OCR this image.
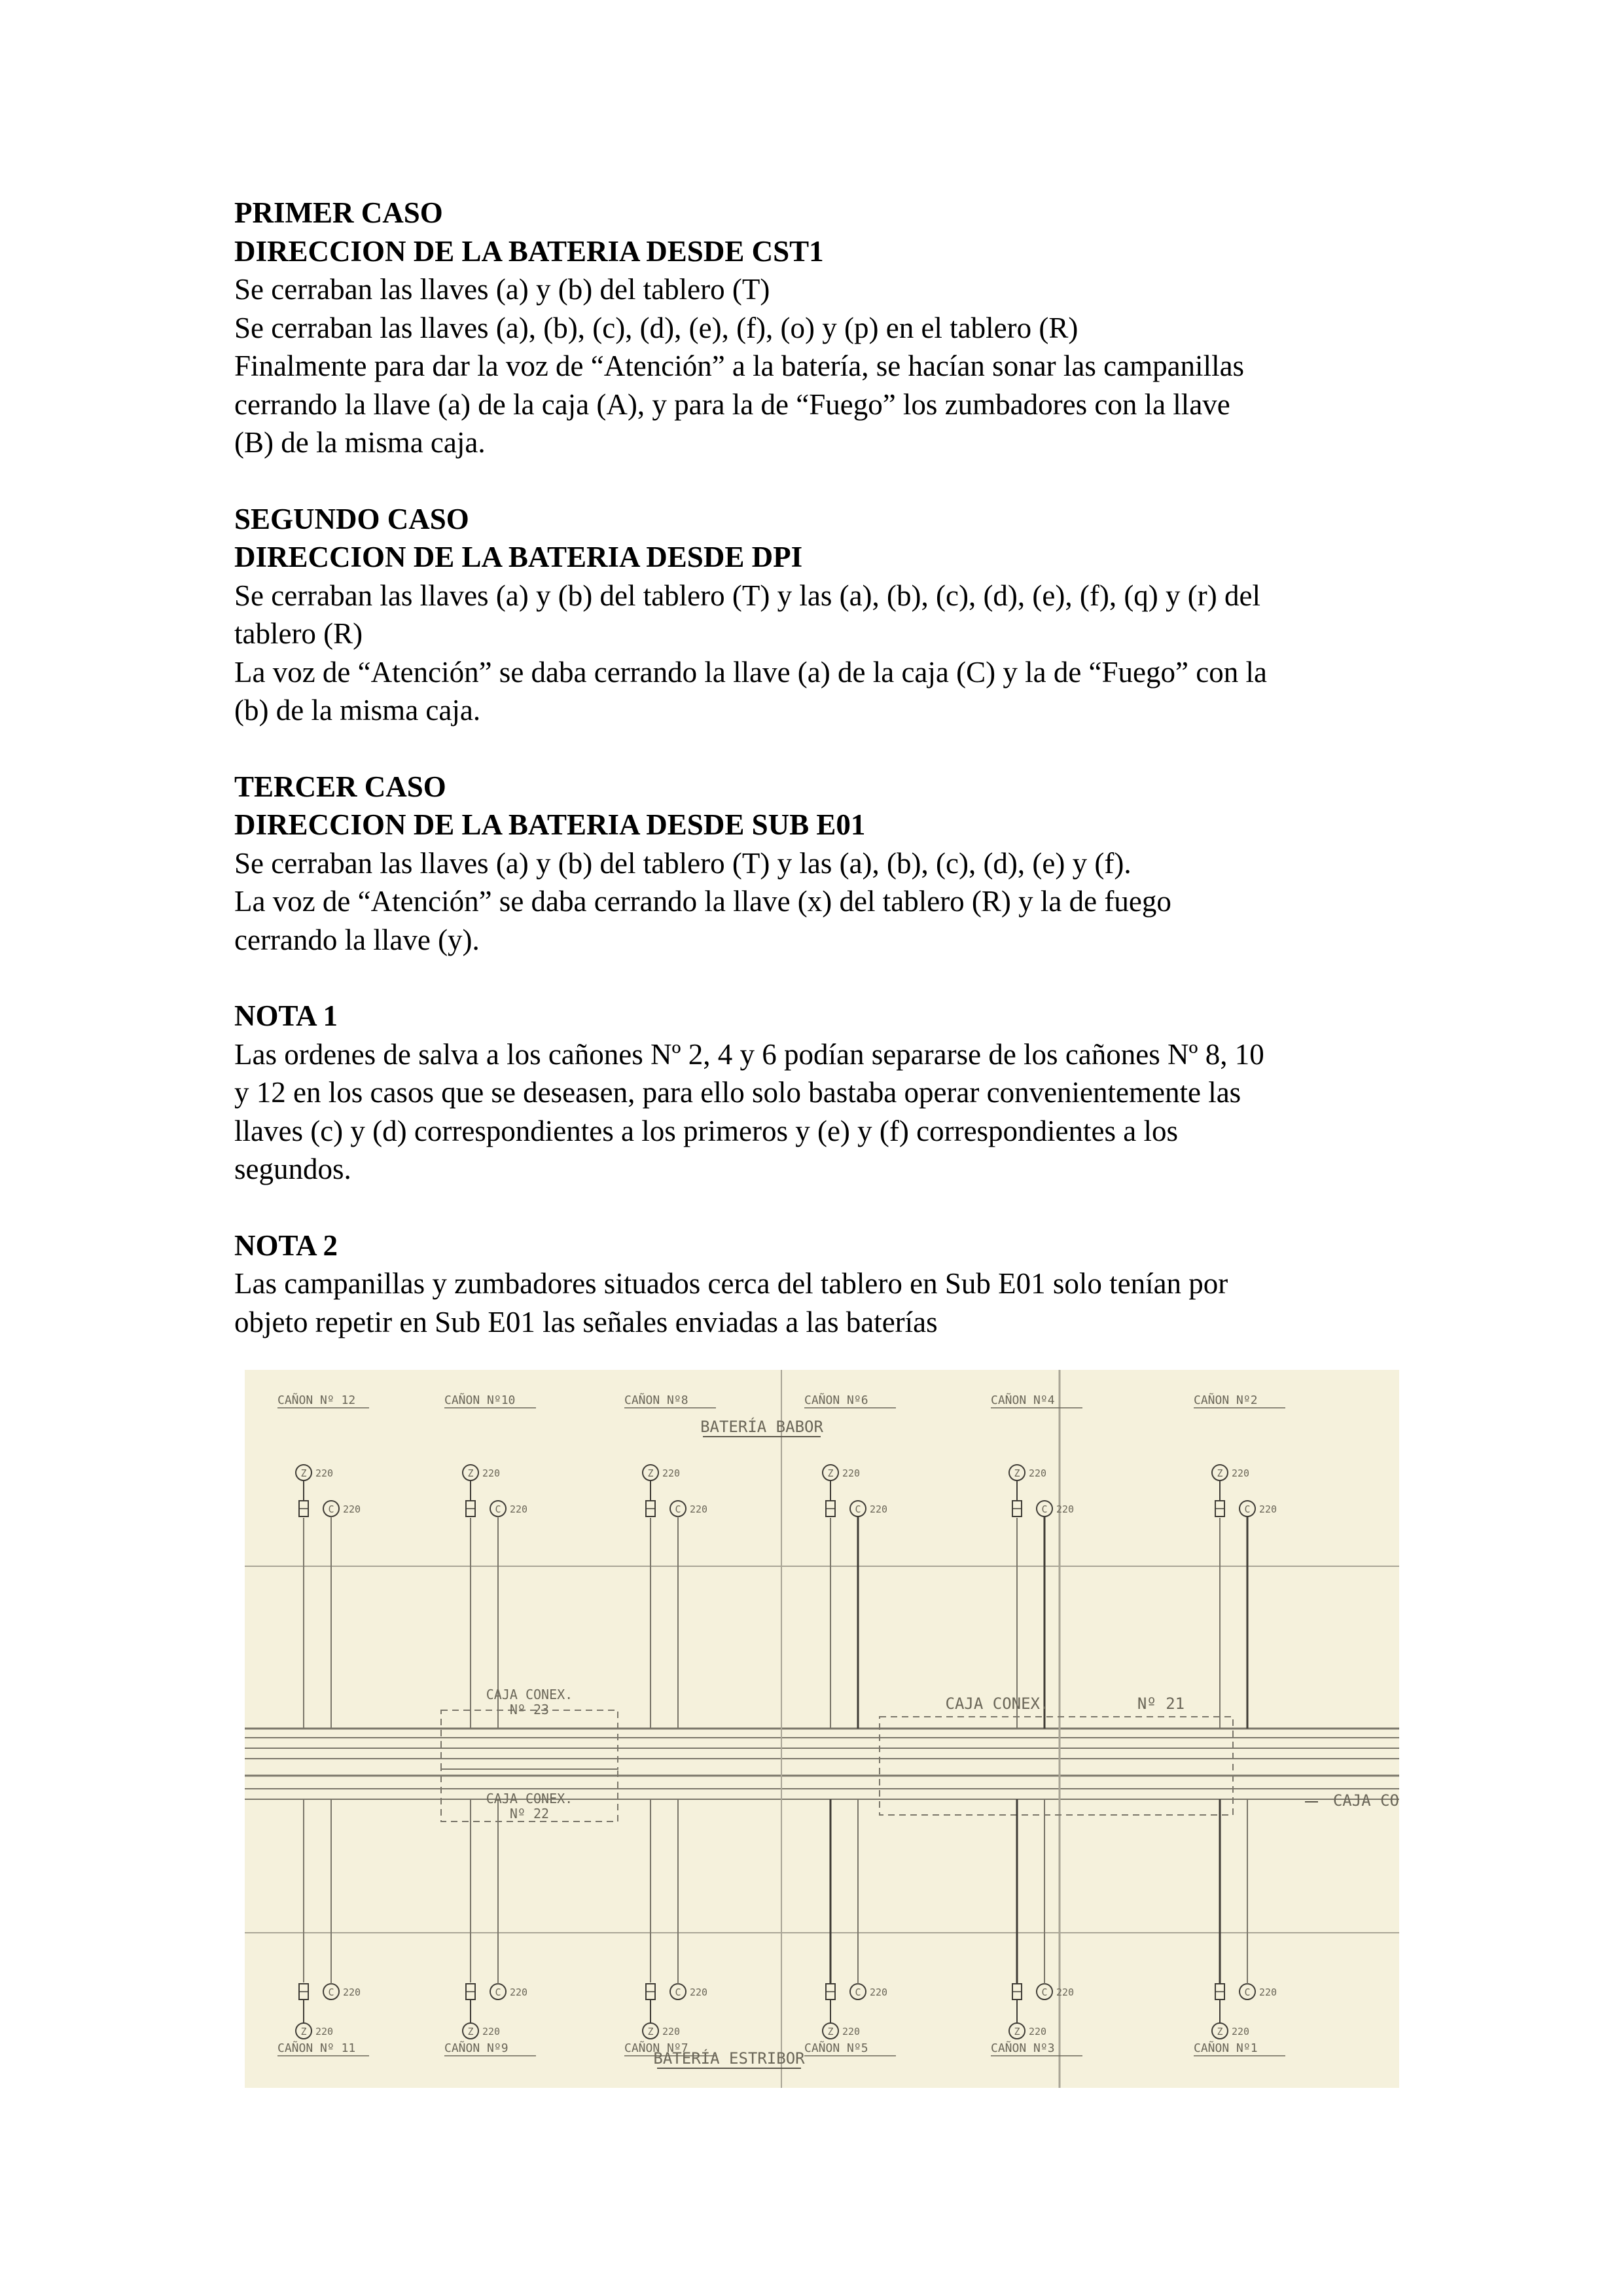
PRIMER CASO

DIRECCION DE LA BATERIA DESDE CST1

Se cerraban las llaves (a) y (b) del tablero (T)

Se cerraban las llaves (a), (b), (c), (d), (e), (f), (o) y (p) en el tablero (R)

Finalmente para dar la voz de “Atención” a la batería, se hacían sonar las campanillas

cerrando la llave (a) de la caja (A), y para la de “Fuego” los zumbadores con la llave

(B) de la misma caja.

SEGUNDO CASO

DIRECCION DE LA BATERIA DESDE DPI

Se cerraban las llaves (a) y (b) del tablero (T) y las (a), (b), (c), (d), (e), (f), (q) y (r) del

tablero (R)

La voz de “Atención” se daba cerrando la llave (a) de la caja (C) y la de “Fuego” con la

(b) de la misma caja.

TERCER CASO

DIRECCION DE LA BATERIA DESDE SUB E01

Se cerraban las llaves (a) y (b) del tablero (T) y las (a), (b), (c), (d), (e) y (f).

La voz de “Atención” se daba cerrando la llave (x) del tablero (R) y la de fuego

cerrando la llave (y).

NOTA 1

Las ordenes de salva a los cañones Nº 2, 4 y 6 podían separarse de los cañones Nº 8, 10

y 12 en los casos que se deseasen, para ello solo bastaba operar convenientemente las

llaves (c) y (d) correspondientes a los primeros y (e) y (f) correspondientes a los

segundos.

NOTA 2

Las campanillas y zumbadores situados cerca del tablero en Sub E01 solo tenían por

objeto repetir en Sub E01 las señales enviadas a las baterías

Z 220
C 220
Z 220
C 220
CAÑON Nº 12
CAÑON Nº 11
Z 220
C 220
Z 220
C 220
CAÑON Nº10
CAÑON Nº9
Z 220
C 220
Z 220
C 220
CAÑON Nº8
CAÑON Nº7
Z 220
C 220
Z 220
C 220
CAÑON Nº6
CAÑON Nº5
Z 220
C 220
Z 220
C 220
CAÑON Nº4
CAÑON Nº3
Z 220
C 220
Z 220
C 220
CAÑON Nº2
CAÑON Nº1
BATERÍA BABOR
BATERÍA ESTRIBOR
CAJA CONEX.
Nº 23
CAJA CONEX.
Nº 22
CAJA CONEX.	Nº 21
CAJA CO
